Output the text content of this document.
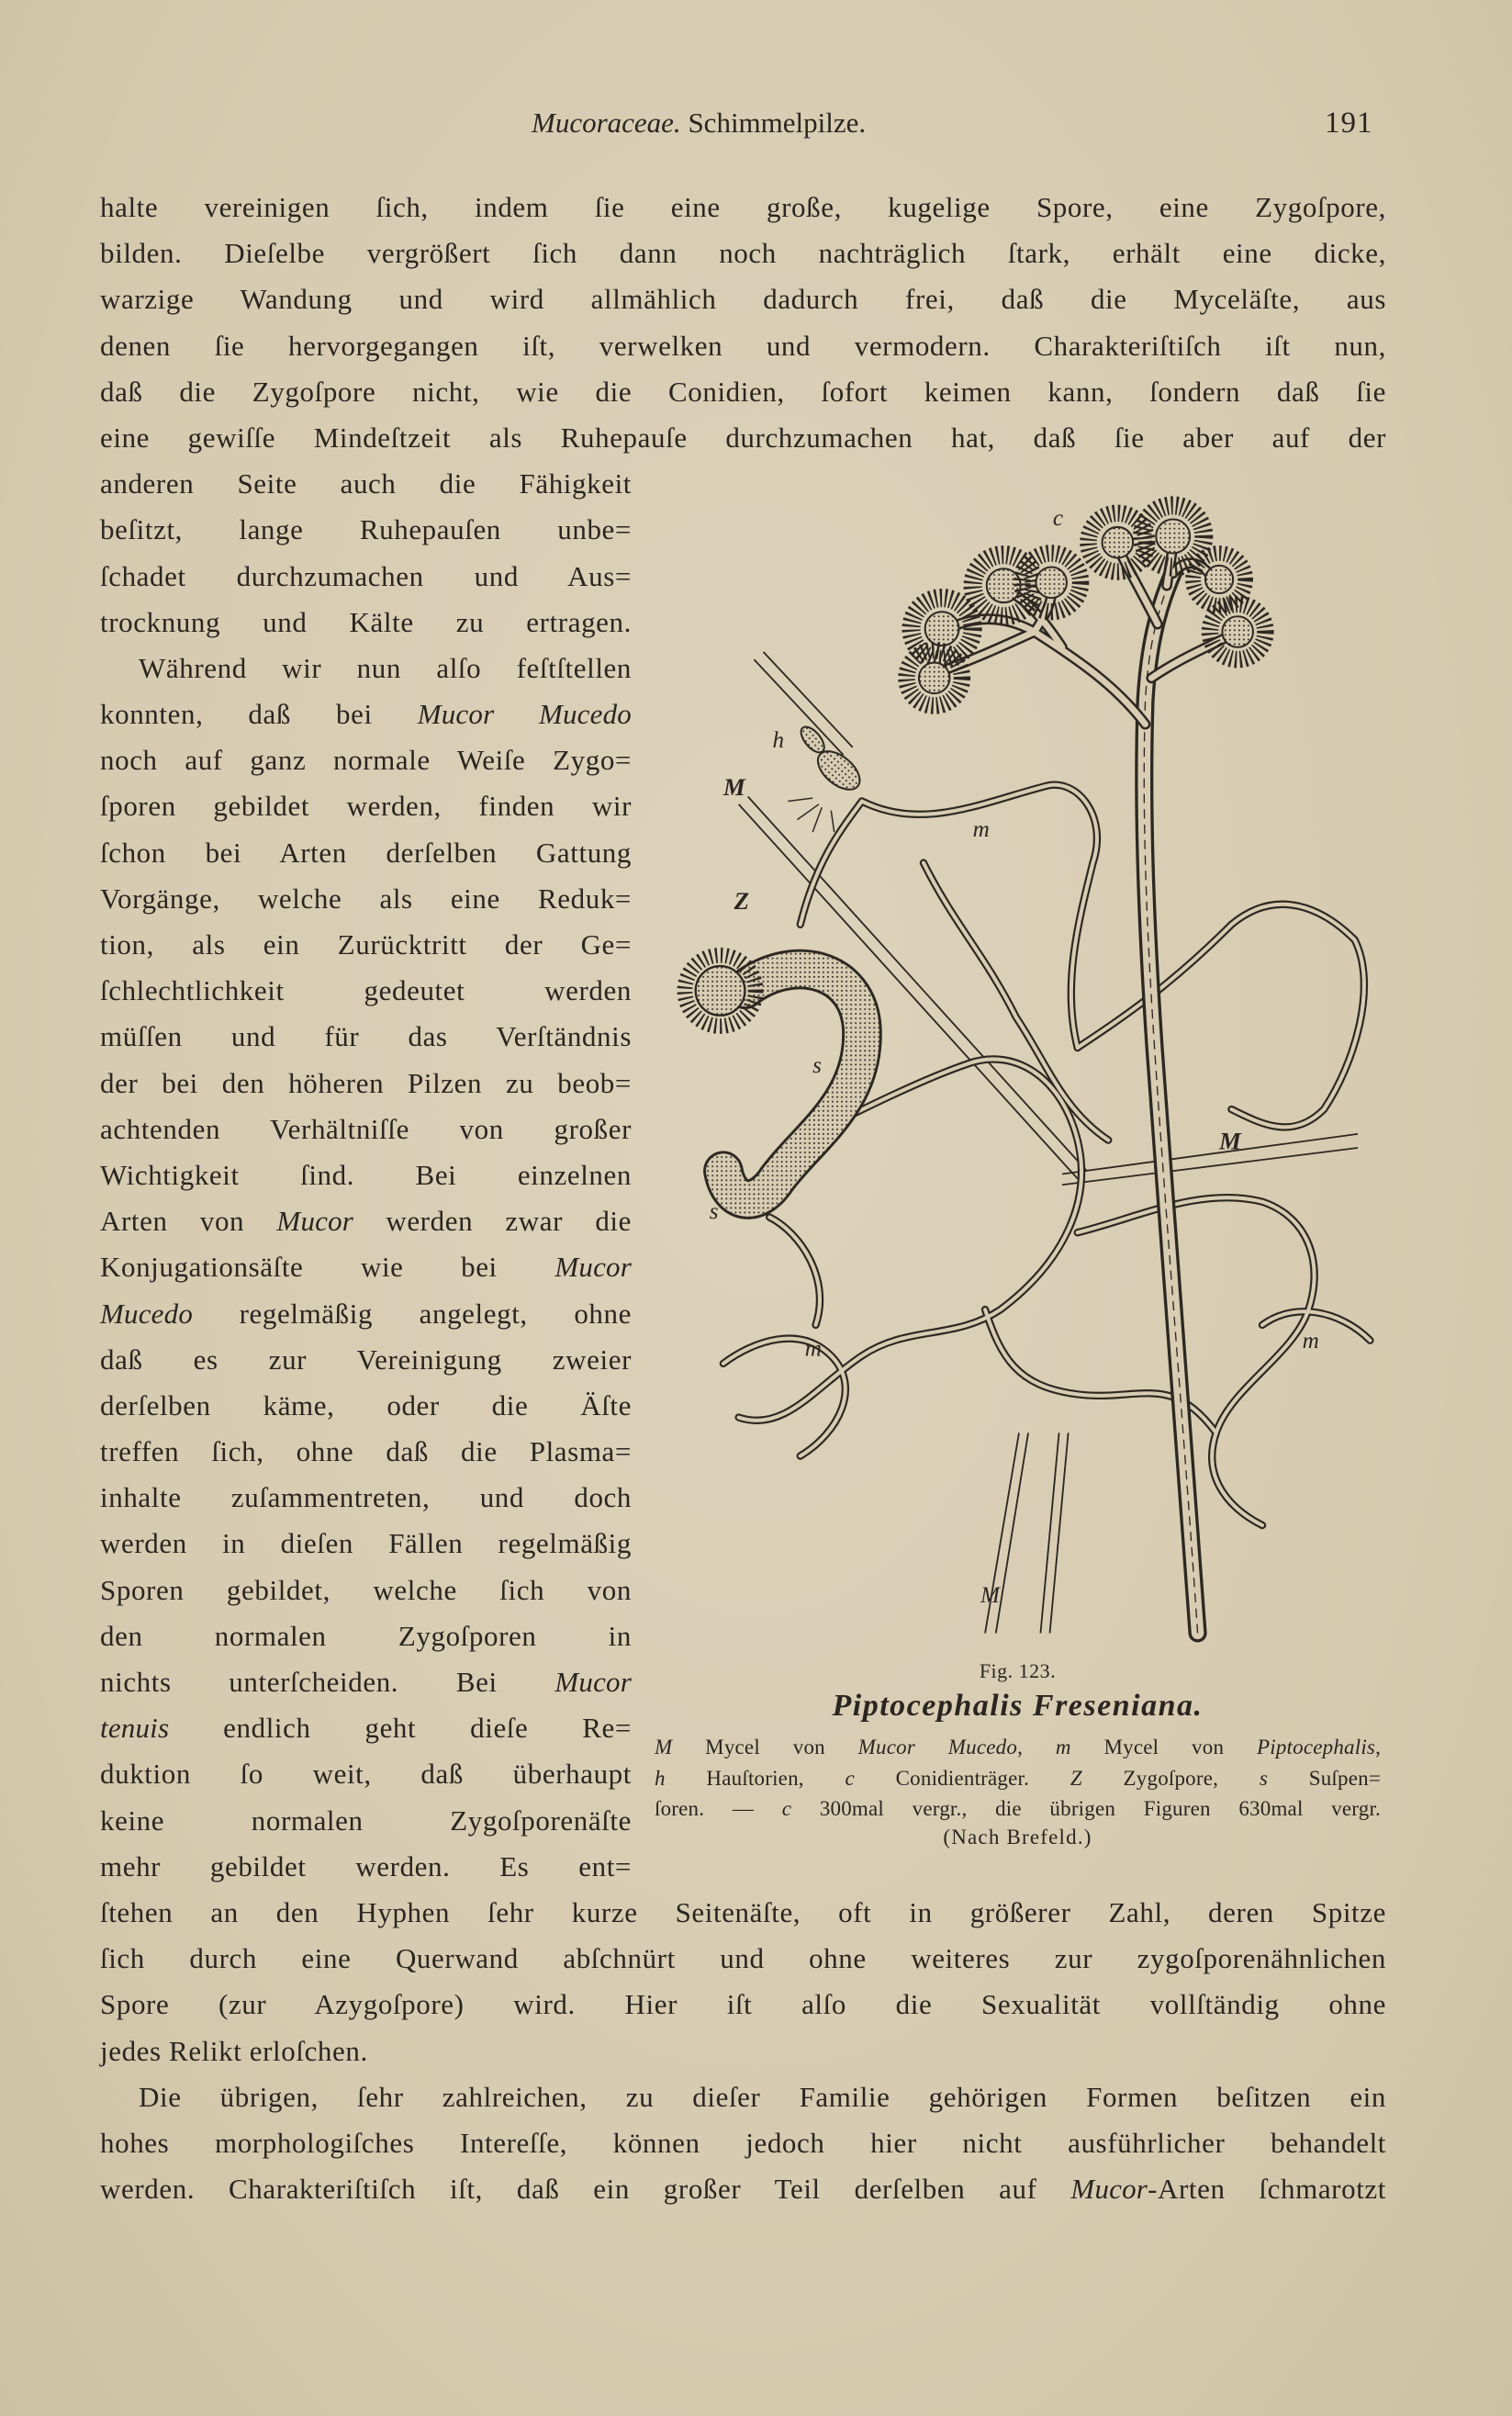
Mucoraceae. Schimmelpilze.	191
halte vereinigen ſich, indem ſie eine große, kugelige Spore, eine Zygoſpore,
bilden. Dieſelbe vergrößert ſich dann noch nachträglich ſtark, erhält eine dicke,
warzige Wandung und wird allmählich dadurch frei, daß die Myceläſte, aus
denen ſie hervorgegangen iſt, verwelken und vermodern. Charakteriſtiſch iſt nun,
daß die Zygoſpore nicht, wie die Conidien, ſofort keimen kann, ſondern daß ſie
eine gewiſſe Mindeſtzeit als Ruhepauſe durchzumachen hat, daß ſie aber auf der
anderen Seite auch die Fähigkeit
beſitzt, lange Ruhepauſen unbe=
ſchadet durchzumachen und Aus=
trocknung und Kälte zu ertragen.
Während wir nun alſo feſtſtellen
konnten, daß bei Mucor Mucedo
noch auf ganz normale Weiſe Zygo=
ſporen gebildet werden, finden wir
ſchon bei Arten derſelben Gattung
Vorgänge, welche als eine Reduk=
tion, als ein Zurücktritt der Ge=
ſchlechtlichkeit gedeutet werden
müſſen und für das Verſtändnis
der bei den höheren Pilzen zu beob=
achtenden Verhältniſſe von großer
Wichtigkeit ſind. Bei einzelnen
Arten von Mucor werden zwar die
Konjugationsäſte wie bei Mucor
Mucedo regelmäßig angelegt, ohne
daß es zur Vereinigung zweier
derſelben käme, oder die Äſte
treffen ſich, ohne daß die Plasma=
inhalte zuſammentreten, und doch
werden in dieſen Fällen regelmäßig
Sporen gebildet, welche ſich von
den normalen Zygoſporen in
nichts unterſcheiden. Bei Mucor
tenuis endlich geht dieſe Re=
duktion ſo weit, daß überhaupt
keine normalen Zygoſporenäſte
mehr gebildet werden. Es ent=
ſtehen an den Hyphen ſehr kurze Seitenäſte, oft in größerer Zahl, deren Spitze
ſich durch eine Querwand abſchnürt und ohne weiteres zur zygoſporenähnlichen
Spore (zur Azygoſpore) wird. Hier iſt alſo die Sexualität vollſtändig ohne
jedes Relikt erloſchen.
Die übrigen, ſehr zahlreichen, zu dieſer Familie gehörigen Formen beſitzen ein
hohes morphologiſches Intereſſe, können jedoch hier nicht ausführlicher behandelt
werden. Charakteriſtiſch iſt, daß ein großer Teil derſelben auf Mucor-Arten ſchmarotzt
c
h
M
m
Z
s
s
M
m	m
M
Fig. 123.
Piptocephalis Freseniana.
M Mycel von Mucor Mucedo, m Mycel von Piptocephalis,
h Hauſtorien, c Conidienträger. Z Zygoſpore, s Suſpen=
ſoren. — c 300mal vergr., die übrigen Figuren 630mal vergr.
(Nach Brefeld.)
